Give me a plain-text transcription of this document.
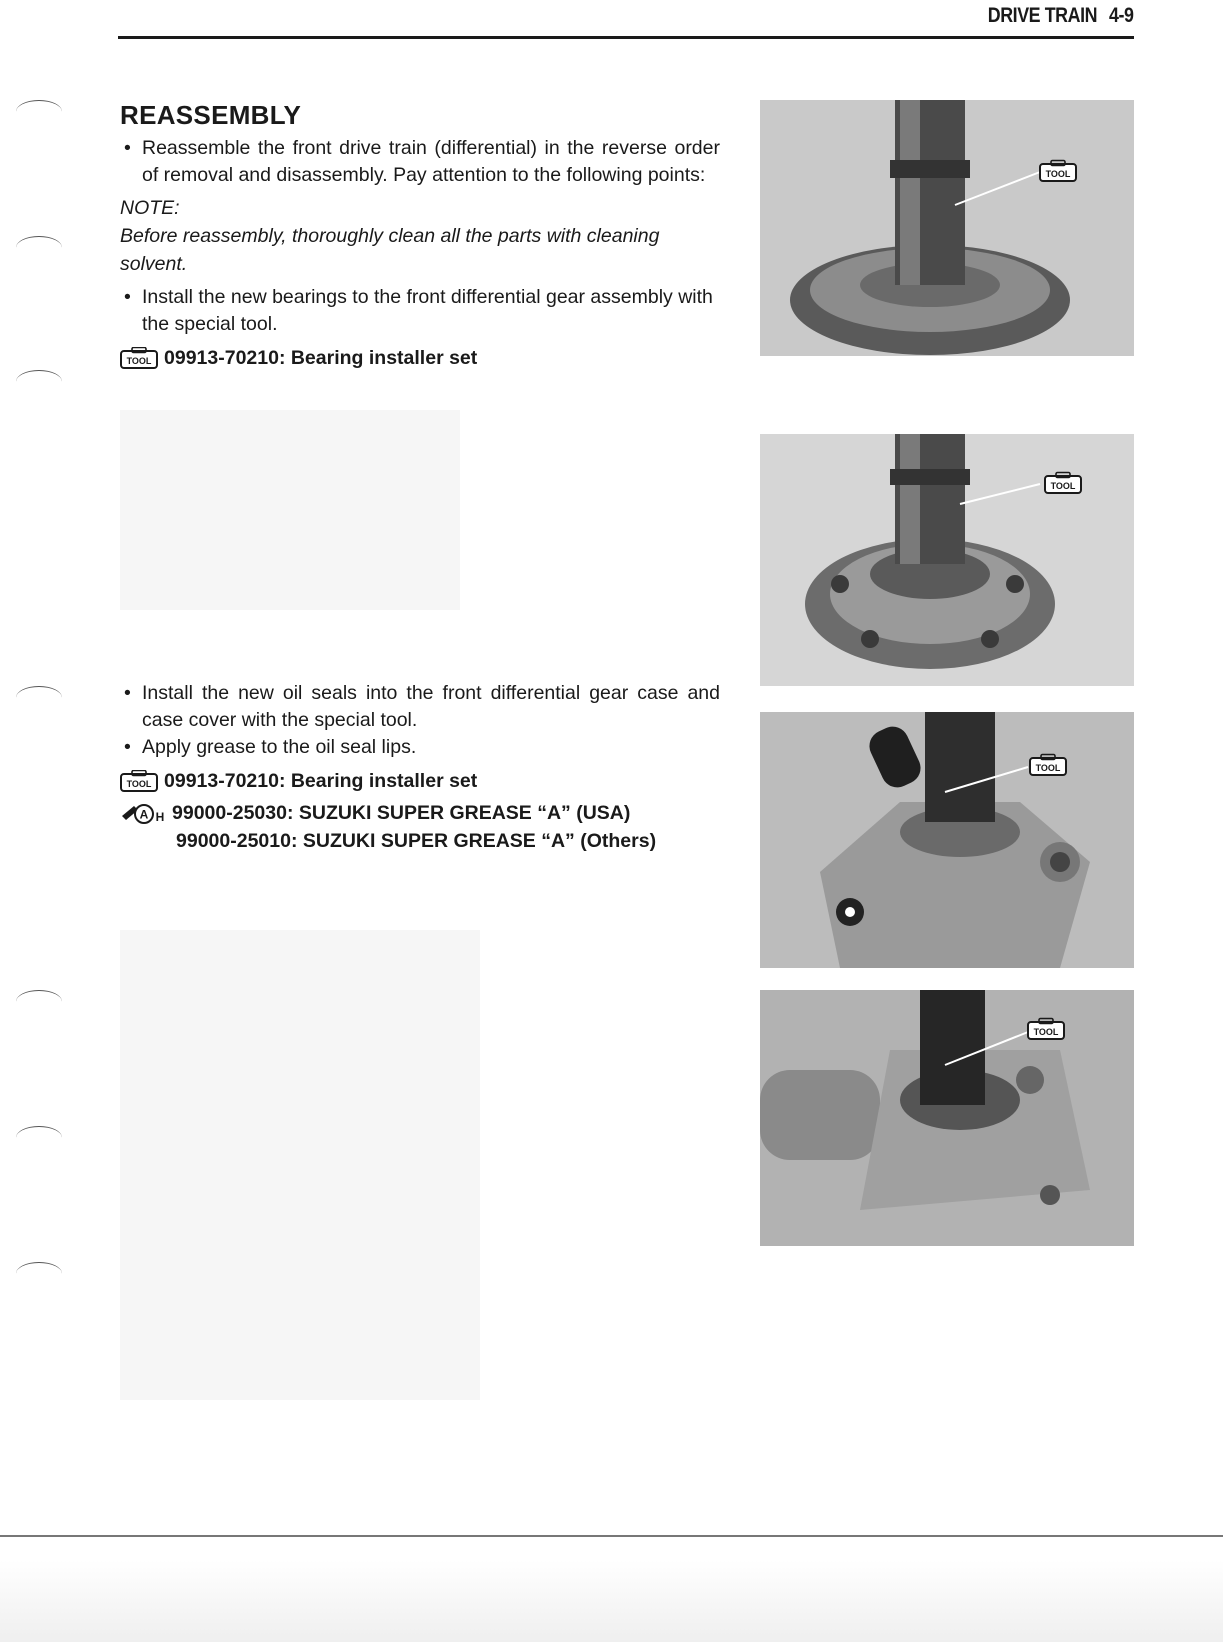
DRIVE TRAIN 4-9
REASSEMBLY
• Reassemble the front drive train (differential) in the reverse order of removal and disassembly. Pay attention to the following points:
NOTE:
Before reassembly, thoroughly clean all the parts with cleaning solvent.
• Install the new bearings to the front differential gear assembly with the special tool.
TOOL 09913-70210: Bearing installer set
• Install the new oil seals into the front differential gear case and case cover with the special tool.
• Apply grease to the oil seal lips.
TOOL 09913-70210: Bearing installer set
A H 99000-25030: SUZUKI SUPER GREASE “A” (USA)
99000-25010: SUZUKI SUPER GREASE “A” (Others)
TOOL
TOOL
TOOL
TOOL
